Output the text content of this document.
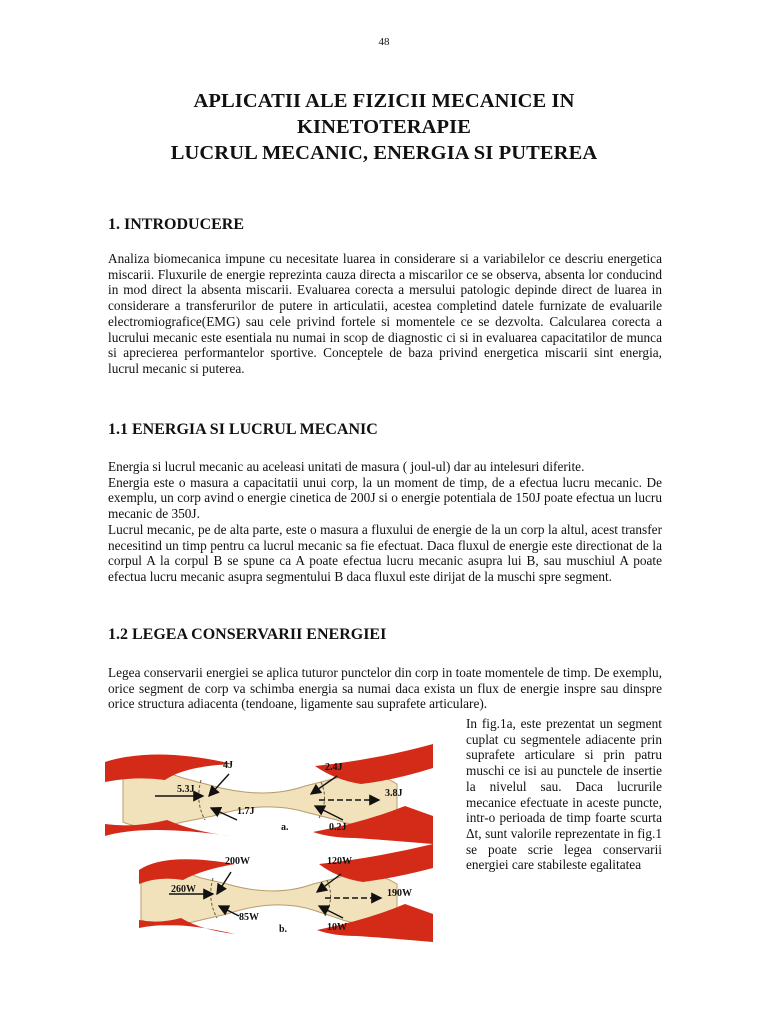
48
APLICATII ALE FIZICII MECANICE IN
KINETOTERAPIE
LUCRUL MECANIC, ENERGIA SI PUTEREA
1. INTRODUCERE

Analiza biomecanica impune cu necesitate luarea in considerare si a variabilelor ce descriu energetica miscarii. Fluxurile de energie reprezinta cauza directa a miscarilor ce se observa, absenta lor conducind in mod direct la absenta miscarii. Evaluarea corecta a mersului patologic depinde direct de luarea in considerare a transferurilor de putere in articulatii, acestea completind datele furnizate de evaluarile electromiografice(EMG) sau cele privind fortele si momentele ce se dezvolta. Calcularea corecta a lucrului mecanic este esentiala nu numai in scop de diagnostic ci si in evaluarea capacitatilor de munca si aprecierea performantelor sportive. Conceptele de baza privind energetica miscarii sint energia, lucrul mecanic si puterea.

1.1 ENERGIA SI LUCRUL MECANIC

Energia si lucrul mecanic au aceleasi unitati de masura ( joul-ul) dar au intelesuri diferite.

Energia este o masura a capacitatii unui corp, la un moment de timp, de a efectua lucru mecanic. De exemplu, un corp avind o energie cinetica de 200J si o energie potentiala de 150J poate efectua un lucru mecanic de 350J.

Lucrul mecanic, pe de alta parte, este o masura a fluxului de energie de la un corp la altul, acest transfer necesitind un timp pentru ca lucrul mecanic sa fie efectuat. Daca fluxul de energie este directionat de la corpul A la corpul B se spune ca A poate efectua lucru mecanic asupra lui B, sau muschiul A poate efectua lucru mecanic asupra segmentului B daca fluxul este dirijat de la muschi spre segment.

1.2 LEGEA CONSERVARII ENERGIEI

Legea conservarii energiei se aplica tuturor punctelor din corp in toate momentele de timp. De exemplu, orice segment de corp va schimba energia sa numai daca exista un flux de energie inspre sau dinspre orice structura adiacenta (tendoane, ligamente sau suprafete articulare).

In fig.1a, este prezentat un segment cuplat cu segmentele adiacente prin suprafete articulare si prin patru muschi ce isi au punctele de insertie la nivelul sau. Daca lucrurile mecanice efectuate in aceste puncte, intr-o perioada de timp foarte scurta Δt, sunt valorile reprezentate in fig.1 se poate scrie legea conservarii energiei care stabileste egalitatea
4J
5.3J
1.7J
2.4J
3.8J
0.2J
a.
200W
260W
85W
120W
190W
10W
b.
